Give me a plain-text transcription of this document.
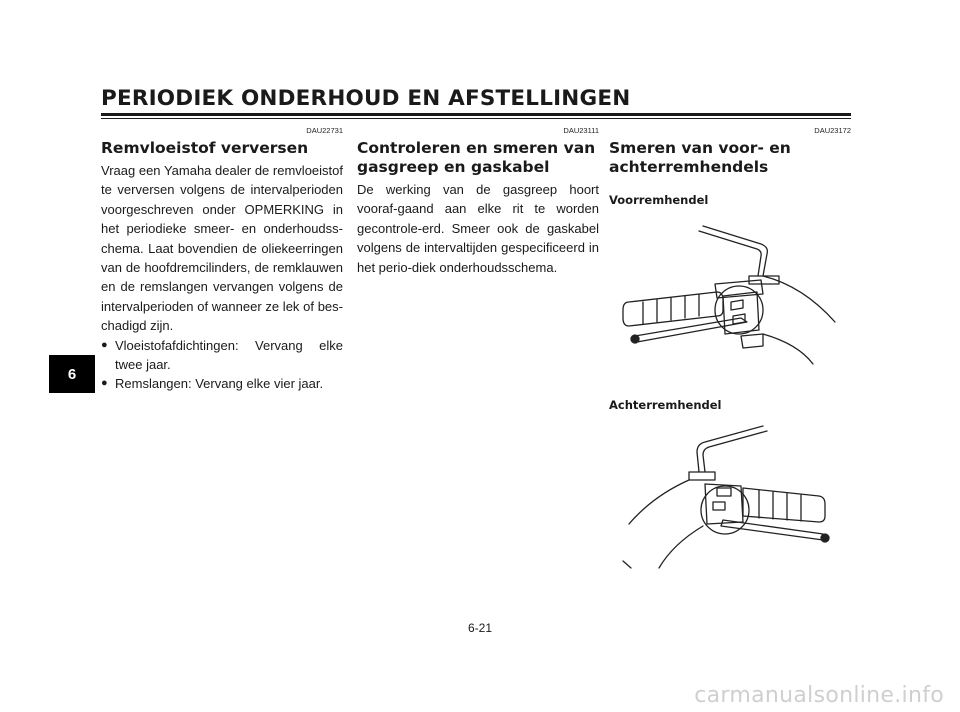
PERIODIEK ONDERHOUD EN AFSTELLINGEN
6
DAU22731
Remvloeistof verversen

Vraag een Yamaha dealer de remvloeistof te verversen volgens de intervalperioden voorgeschreven onder OPMERKING in het periodieke smeer- en onderhoudss-chema. Laat bovendien de oliekeerringen van de hoofdremcilinders, de remklauwen en de remslangen vervangen volgens de intervalperioden of wanneer ze lek of bes-chadigd zijn.

● Vloeistofafdichtingen: Vervang elke twee jaar.
● Remslangen: Vervang elke vier jaar.
DAU23111
Controleren en smeren van gasgreep en gaskabel

De werking van de gasgreep hoort vooraf-gaand aan elke rit te worden gecontrole-erd. Smeer ook de gaskabel volgens de intervaltijden gespecificeerd in het perio-diek onderhoudsschema.

DAU23172
Smeren van voor- en achterremhendels
Voorremhendel
Achterremhendel
6-21
carmanualsonline.info
